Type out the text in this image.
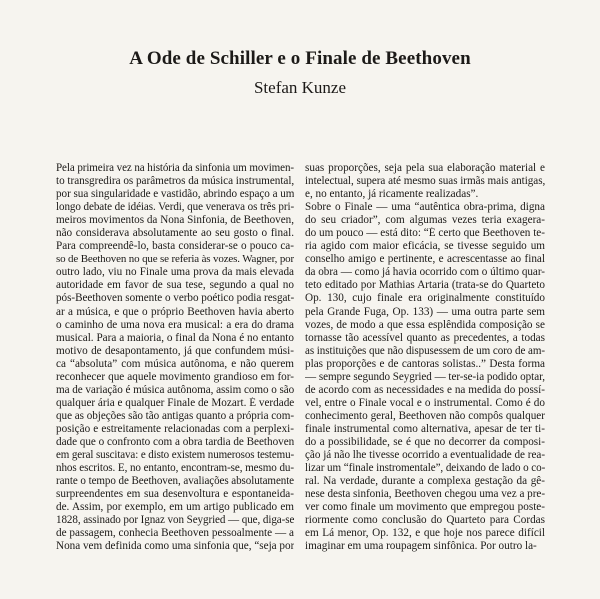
A Ode de Schiller e o Finale de Beethoven
Stefan Kunze
Pela primeira vez na história da sinfonia um movimen-
to transgredira os parâmetros da música instrumental,
por sua singularidade e vastidão, abrindo espaço a um
longo debate de idéias. Verdi, que venerava os três pri-
meiros movimentos da Nona Sinfonia, de Beethoven,
não considerava absolutamente ao seu gosto o final.
Para compreendê-lo, basta considerar-se o pouco ca-
so de Beethoven no que se referia às vozes. Wagner, por
outro lado, viu no Finale uma prova da mais elevada
autoridade em favor de sua tese, segundo a qual no
pós-Beethoven somente o verbo poético podia resgat-
ar a música, e que o próprio Beethoven havia aberto
o caminho de uma nova era musical: a era do drama
musical. Para a maioria, o final da Nona é no entanto
motivo de desapontamento, já que confundem músi-
ca “absoluta” com música autônoma, e não querem
reconhecer que aquele movimento grandioso em for-
ma de variação é música autônoma, assim como o são
qualquer ária e qualquer Finale de Mozart. É verdade
que as objeções são tão antigas quanto a própria com-
posição e estreitamente relacionadas com a perplexi-
dade que o confronto com a obra tardia de Beethoven
em geral suscitava: e disto existem numerosos testemu-
nhos escritos. E, no entanto, encontram-se, mesmo du-
rante o tempo de Beethoven, avaliações absolutamente
surpreendentes em sua desenvoltura e espontaneida-
de. Assim, por exemplo, em um artigo publicado em
1828, assinado por Ignaz von Seygried — que, diga-se
de passagem, conhecia Beethoven pessoalmente — a
Nona vem definida como uma sinfonia que, “seja por
suas proporções, seja pela sua elaboração material e
intelectual, supera até mesmo suas irmãs mais antigas,
e, no entanto, já ricamente realizadas”.
Sobre o Finale — uma “autêntica obra-prima, digna
do seu criador”, com algumas vezes teria exagera-
do um pouco — está dito: “É certo que Beethoven te-
ria agido com maior eficácia, se tivesse seguido um
conselho amigo e pertinente, e acrescentasse ao final
da obra — como já havia ocorrido com o último quar-
teto editado por Mathias Artaria (trata-se do Quarteto
Op. 130, cujo finale era originalmente constituído
pela Grande Fuga, Op. 133) — uma outra parte sem
vozes, de modo a que essa esplêndida composição se
tornasse tão acessível quanto as precedentes, a todas
as instituições que não dispusessem de um coro de am-
plas proporções e de cantoras solistas..” Desta forma
— sempre segundo Seygried — ter-se-ia podido optar,
de acordo com as necessidades e na medida do possí-
vel, entre o Finale vocal e o instrumental. Como é do
conhecimento geral, Beethoven não compôs qualquer
finale instrumental como alternativa, apesar de ter ti-
do a possibilidade, se é que no decorrer da composi-
ção já não lhe tivesse ocorrido a eventualidade de rea-
lizar um “finale instromentale”, deixando de lado o co-
ral. Na verdade, durante a complexa gestação da gê-
nese desta sinfonia, Beethoven chegou uma vez a pre-
ver como finale um movimento que empregou poste-
riormente como conclusão do Quarteto para Cordas
em Lá menor, Op. 132, e que hoje nos parece difícil
imaginar em uma roupagem sinfônica. Por outro la-
